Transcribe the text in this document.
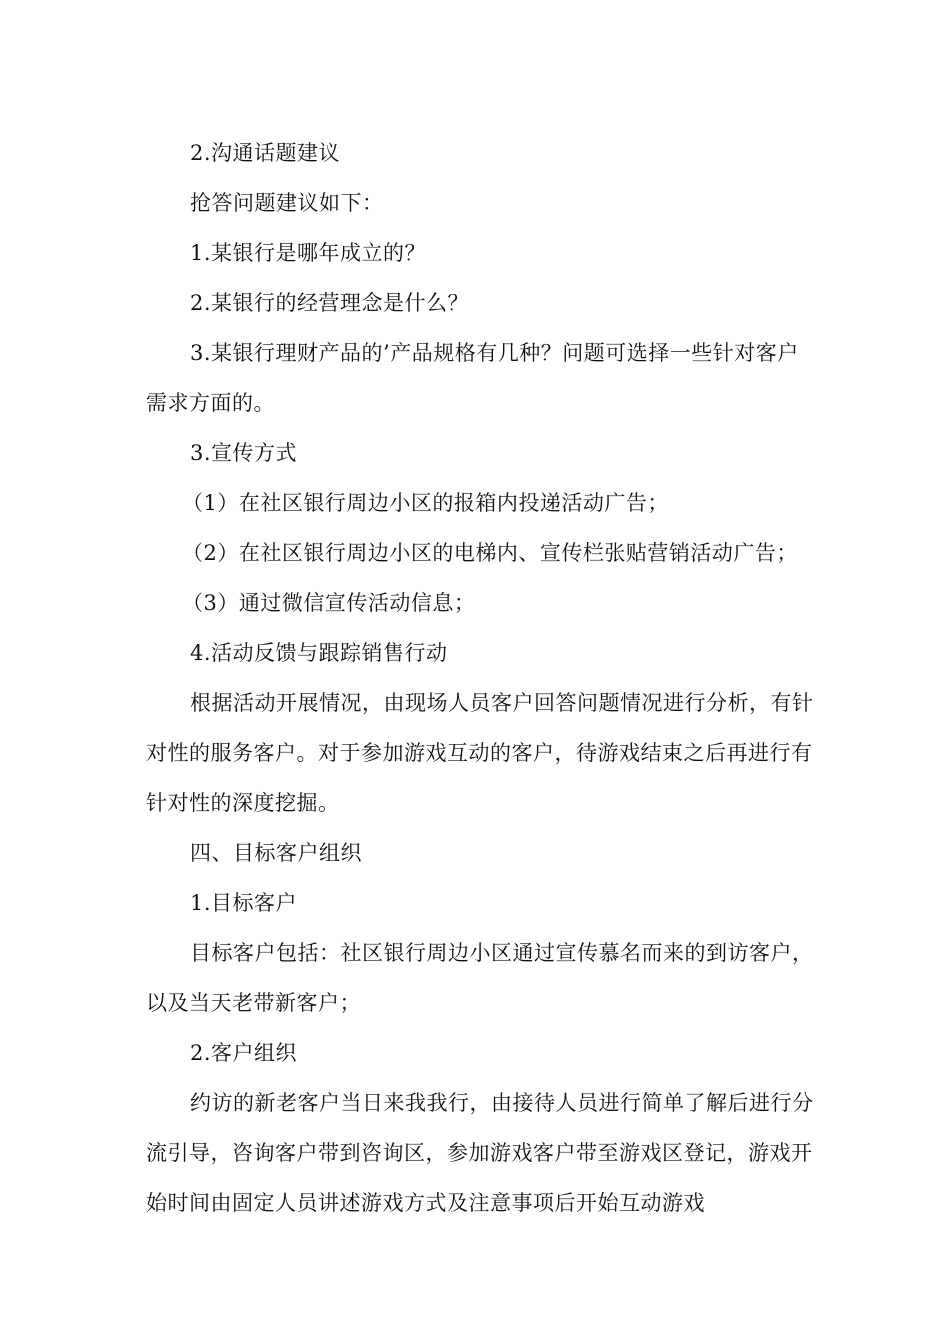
2.沟通话题建议

抢答问题建议如下：

1.某银行是哪年成立的？

2.某银行的经营理念是什么？

3.某银行理财产品的’产品规格有几种？问题可选择一些针对客户需求方面的。

3.宣传方式

（1）在社区银行周边小区的报箱内投递活动广告；

（2）在社区银行周边小区的电梯内、宣传栏张贴营销活动广告；

（3）通过微信宣传活动信息；

4.活动反馈与跟踪销售行动

根据活动开展情况，由现场人员客户回答问题情况进行分析，有针对性的服务客户。对于参加游戏互动的客户，待游戏结束之后再进行有针对性的深度挖掘。

四、目标客户组织

1.目标客户

目标客户包括：社区银行周边小区通过宣传慕名而来的到访客户，以及当天老带新客户；

2.客户组织

约访的新老客户当日来我我行，由接待人员进行简单了解后进行分流引导，咨询客户带到咨询区，参加游戏客户带至游戏区登记，游戏开始时间由固定人员讲述游戏方式及注意事项后开始互动游戏
